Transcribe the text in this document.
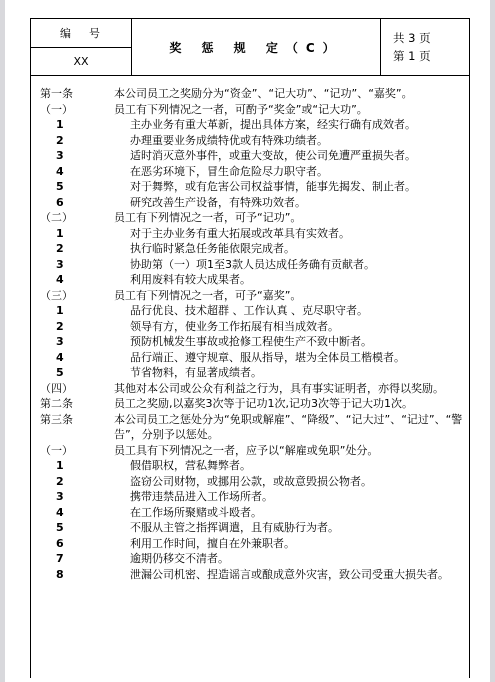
编号
XX
奖 惩 规 定（C）
共 3 页
第 1 页
第一条	本公司员工之奖励分为“资金”、“记大功”、“记功”、“嘉奖”。
（一）	员工有下列情况之一者，可酌予“奖金”或“记大功”。
1	主办业务有重大革新，提出具体方案，经实行确有成效者。
2	办理重要业务成绩特优或有特殊功绩者。
3	适时消灭意外事件，或重大变故，使公司免遭严重损失者。
4	在恶劣环境下，冒生命危险尽力职守者。
5	对于舞弊，或有危害公司权益事情，能事先揭发、制止者。
6	研究改善生产设备，有特殊功效者。
（二）	员工有下列情况之一者，可予“记功”。
1	对于主办业务有重大拓展或改革具有实效者。
2	执行临时紧急任务能依限完成者。
3	协助第（一）项1至3款人员达成任务确有贡献者。
4	利用废料有较大成果者。
（三）	员工有下列情况之一者，可予“嘉奖”。
1	品行优良、技术超群 、工作认真 、克尽职守者。
2	领导有方，使业务工作拓展有相当成效者。
3	预防机械发生事故或抢修工程使生产不致中断者。
4	品行端正、遵守规章、服从指导，堪为全体员工楷模者。
5	节省物料，有显著成绩者。
（四）	其他对本公司或公众有利益之行为，具有事实证明者，亦得以奖励。
第二条	员工之奖励,以嘉奖3次等于记功1次,记功3次等于记大功1次。
第三条	本公司员工之惩处分为“免职或解雇”、“降级”、“记大过”、“记过”、“警告”，分别予以惩处。
（一）	员工具有下列情况之一者，应予以“解雇或免职”处分。
1	假借职权，营私舞弊者。
2	盗窃公司财物，或挪用公款，或故意毁损公物者。
3	携带违禁品进入工作场所者。
4	在工作场所聚赌或斗殴者。
5	不服从主管之指挥调遣，且有威胁行为者。
6	利用工作时间，擅自在外兼职者。
7	逾期仍移交不清者。
8	泄漏公司机密、捏造谣言或酿成意外灾害，致公司受重大损失者。
